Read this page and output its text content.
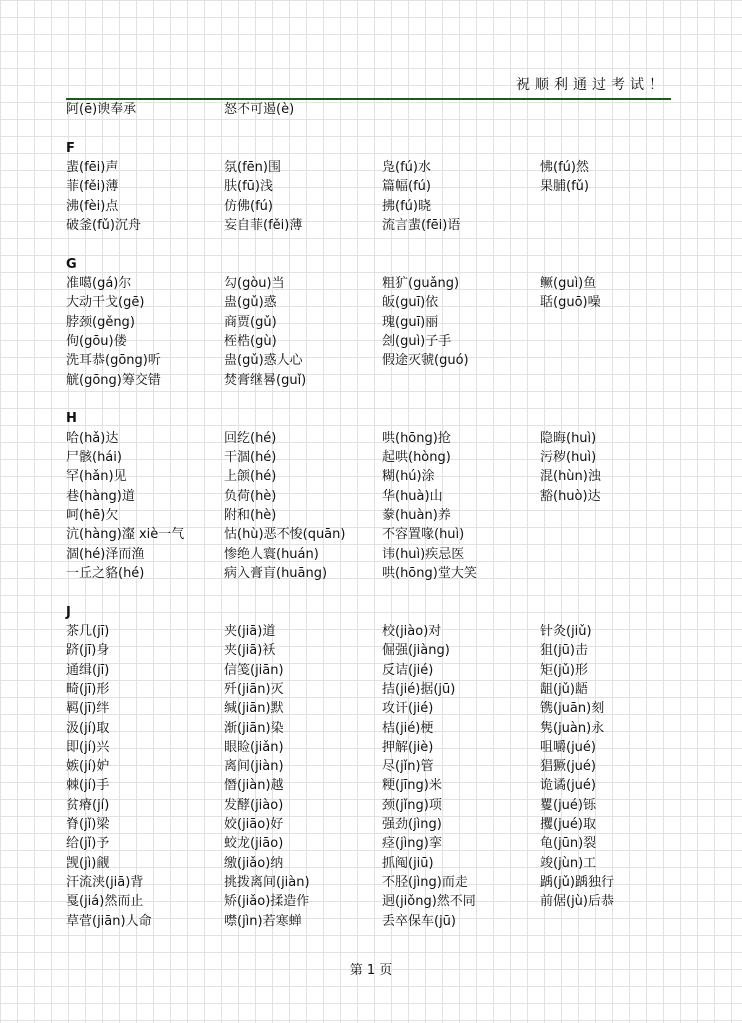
祝顺利通过考试！
阿(ē)谀奉承	怒不可遏(è)
F
蜚(fēi)声	氛(fēn)围	凫(fú)水	怫(fú)然
菲(fěi)薄	肤(fū)浅	篇幅(fú)	果脯(fǔ)
沸(fèi)点	仿佛(fú)	拂(fú)晓
破釜(fǔ)沉舟	妄自菲(fěi)薄	流言蜚(fēi)语
G
准噶(gá)尔	勾(gòu)当	粗犷(guǎng)	鳜(guì)鱼
大动干戈(gē)	蛊(gǔ)惑	皈(guī)依	聒(guō)噪
脖颈(gěng)	商贾(gǔ)	瑰(guī)丽
佝(gōu)偻	桎梏(gù)	刽(guì)子手
洗耳恭(gōng)听	蛊(gǔ)惑人心	假途灭虢(guó)
觥(gōng)筹交错	焚膏继晷(guǐ)
H
哈(hǎ)达	回纥(hé)	哄(hōng)抢	隐晦(huì)
尸骸(hái)	干涸(hé)	起哄(hòng)	污秽(huì)
罕(hǎn)见	上颌(hé)	糊(hú)涂	混(hùn)浊
巷(hàng)道	负荷(hè)	华(huà)山	豁(huò)达
呵(hē)欠	附和(hè)	豢(huàn)养
沆(hàng)瀣 xiè一气	怙(hù)恶不悛(quān)	不容置喙(huì)
涸(hé)泽而渔	惨绝人寰(huán)	讳(huì)疾忌医
一丘之貉(hé)	病入膏肓(huāng)	哄(hōng)堂大笑
J
茶几(jī)	夹(jiā)道	校(jiào)对	针灸(jiǔ)
跻(jī)身	夹(jiā)袄	倔强(jiàng)	狙(jū)击
通缉(jī)	信笺(jiān)	反诘(jié)	矩(jǔ)形
畸(jī)形	歼(jiān)灭	拮(jié)据(jū)	龃(jǔ)龉
羁(jī)绊	缄(jiān)默	攻讦(jié)	镌(juān)刻
汲(jí)取	渐(jiān)染	桔(jié)梗	隽(juàn)永
即(jí)兴	眼睑(jiǎn)	押解(jiè)	咀嚼(jué)
嫉(jí)妒	离间(jiàn)	尽(jǐn)管	猖獗(jué)
棘(jí)手	僭(jiàn)越	粳(jīng)米	诡谲(jué)
贫瘠(jí)	发酵(jiào)	颈(jǐng)项	矍(jué)铄
脊(jǐ)梁	姣(jiāo)好	强劲(jìng)	攫(jué)取
给(jǐ)予	蛟龙(jiāo)	痉(jìng)挛	龟(jūn)裂
觊(jì)觎	缴(jiǎo)纳	抓阄(jiū)	竣(jùn)工
汗流浃(jiā)背	挑拨离间(jiàn)	不胫(jìng)而走	踽(jǔ)踽独行
戛(jiá)然而止	矫(jiǎo)揉造作	迥(jiǒng)然不同	前倨(jù)后恭
草菅(jiān)人命	噤(jìn)若寒蝉	丢卒保车(jū)
第 1 页
